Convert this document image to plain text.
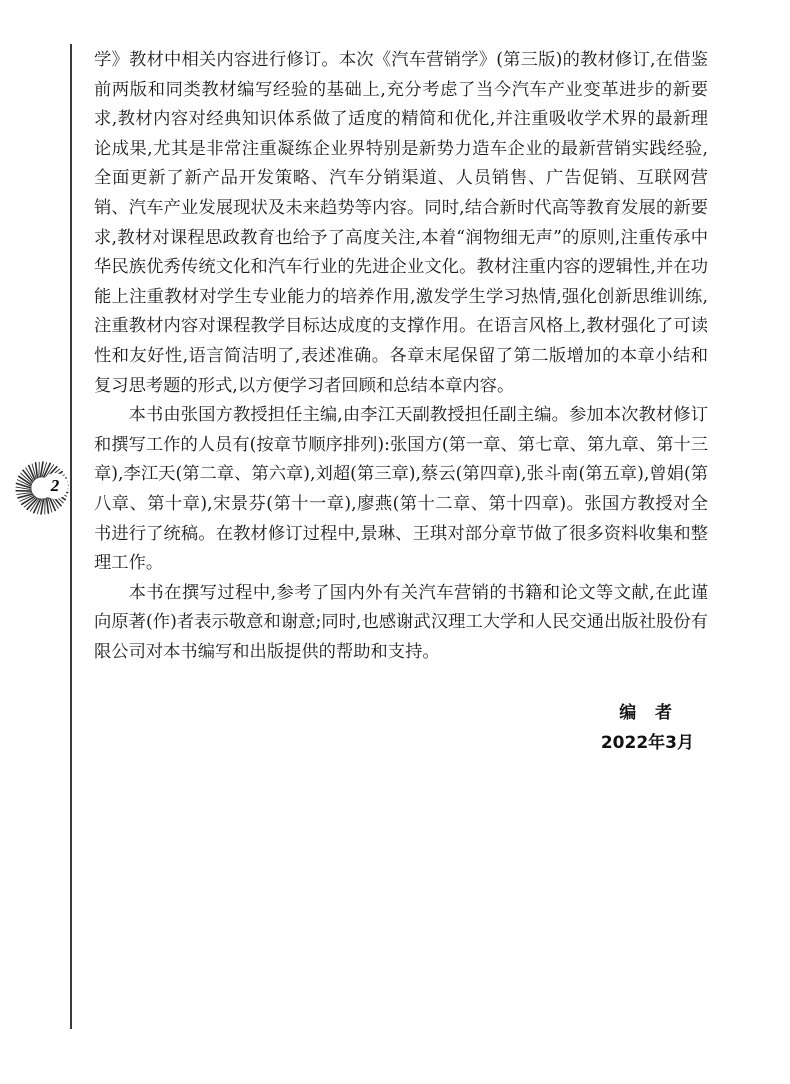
2

学》教材中相关内容进行修订。本次《汽车营销学》(第三版)的教材修订,在借鉴前两版和同类教材编写经验的基础上,充分考虑了当今汽车产业变革进步的新要求,教材内容对经典知识体系做了适度的精简和优化,并注重吸收学术界的最新理论成果,尤其是非常注重凝练企业界特别是新势力造车企业的最新营销实践经验,全面更新了新产品开发策略、汽车分销渠道、人员销售、广告促销、互联网营销、汽车产业发展现状及未来趋势等内容。同时,结合新时代高等教育发展的新要求,教材对课程思政教育也给予了高度关注,本着“润物细无声”的原则,注重传承中华民族优秀传统文化和汽车行业的先进企业文化。教材注重内容的逻辑性,并在功能上注重教材对学生专业能力的培养作用,激发学生学习热情,强化创新思维训练,注重教材内容对课程教学目标达成度的支撑作用。在语言风格上,教材强化了可读性和友好性,语言简洁明了,表述准确。各章末尾保留了第二版增加的本章小结和复习思考题的形式,以方便学习者回顾和总结本章内容。

本书由张国方教授担任主编,由李江天副教授担任副主编。参加本次教材修订和撰写工作的人员有(按章节顺序排列):张国方(第一章、第七章、第九章、第十三章),李江天(第二章、第六章),刘超(第三章),蔡云(第四章),张斗南(第五章),曾娟(第八章、第十章),宋景芬(第十一章),廖燕(第十二章、第十四章)。张国方教授对全书进行了统稿。在教材修订过程中,景琳、王琪对部分章节做了很多资料收集和整理工作。

本书在撰写过程中,参考了国内外有关汽车营销的书籍和论文等文献,在此谨向原著(作)者表示敬意和谢意;同时,也感谢武汉理工大学和人民交通出版社股份有限公司对本书编写和出版提供的帮助和支持。

编者
2022年3月
